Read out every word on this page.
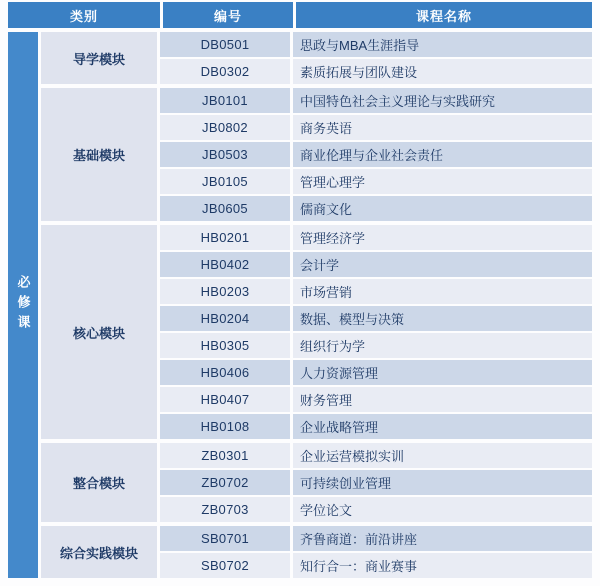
类别	编号	课程名称
必修课
导学模块
DB0501	思政与MBA生涯指导
DB0302	素质拓展与团队建设
基础模块
JB0101	中国特色社会主义理论与实践研究
JB0802	商务英语
JB0503	商业伦理与企业社会责任
JB0105	管理心理学
JB0605	儒商文化
核心模块
HB0201	管理经济学
HB0402	会计学
HB0203	市场营销
HB0204	数据、模型与决策
HB0305	组织行为学
HB0406	人力资源管理
HB0407	财务管理
HB0108	企业战略管理
整合模块
ZB0301	企业运营模拟实训
ZB0702	可持续创业管理
ZB0703	学位论文
综合实践模块
SB0701	齐鲁商道：前沿讲座
SB0702	知行合一：商业赛事
